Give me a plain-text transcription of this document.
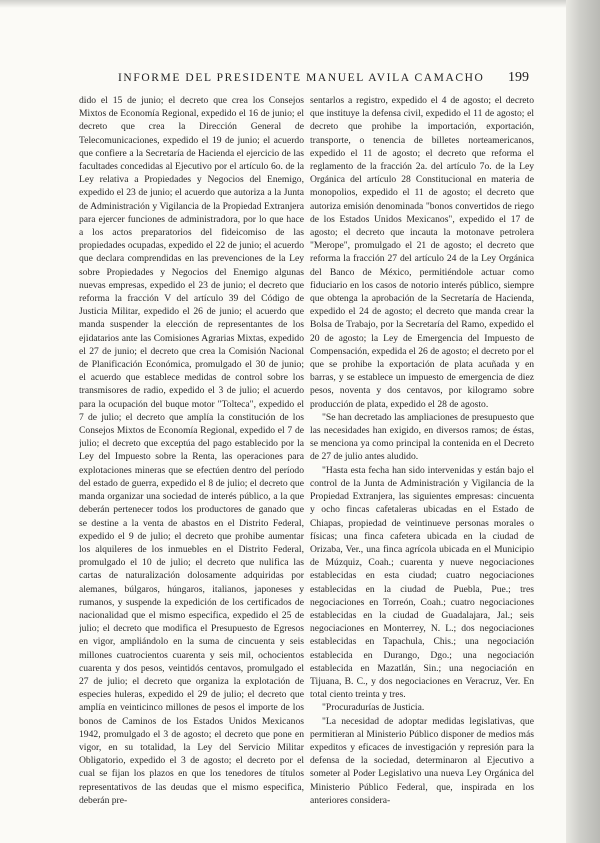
INFORME DEL PRESIDENTE MANUEL AVILA CAMACHO	199

dido el 15 de junio; el decreto que crea los Consejos Mixtos de Economía Regional, expedido el 16 de junio; el decreto que crea la Dirección General de Telecomunicaciones, expedido el 19 de junio; el acuerdo que confiere a la Secretaría de Hacienda el ejercicio de las facultades concedidas al Ejecutivo por el artículo 6o. de la Ley relativa a Propiedades y Negocios del Enemigo, expedido el 23 de junio; el acuerdo que autoriza a la Junta de Administración y Vigilancia de la Propiedad Extranjera para ejercer funciones de administradora, por lo que hace a los actos preparatorios del fideicomiso de las propiedades ocupadas, expedido el 22 de junio; el acuerdo que declara comprendidas en las prevenciones de la Ley sobre Propiedades y Negocios del Enemigo algunas nuevas empresas, expedido el 23 de junio; el decreto que reforma la fracción V del artículo 39 del Código de Justicia Militar, expedido el 26 de junio; el acuerdo que manda suspender la elección de representantes de los ejidatarios ante las Comisiones Agrarias Mixtas, expedido el 27 de junio; el decreto que crea la Comisión Nacional de Planificación Económica, promulgado el 30 de junio; el acuerdo que establece medidas de control sobre los transmisores de radio, expedido el 3 de julio; el acuerdo para la ocupación del buque motor "Tolteca", expedido el 7 de julio; el decreto que amplía la constitución de los Consejos Mixtos de Economía Regional, expedido el 7 de julio; el decreto que exceptúa del pago establecido por la Ley del Impuesto sobre la Renta, las operaciones para explotaciones mineras que se efectúen dentro del período del estado de guerra, expedido el 8 de julio; el decreto que manda organizar una sociedad de interés público, a la que deberán pertenecer todos los productores de ganado que se destine a la venta de abastos en el Distrito Federal, expedido el 9 de julio; el decreto que prohibe aumentar los alquileres de los inmuebles en el Distrito Federal, promulgado el 10 de julio; el decreto que nulifica las cartas de naturalización dolosamente adquiridas por alemanes, búlgaros, húngaros, italianos, japoneses y rumanos, y suspende la expedición de los certificados de nacionalidad que el mismo especifica, expedido el 25 de julio; el decreto que modifica el Presupuesto de Egresos en vigor, ampliándolo en la suma de cincuenta y seis millones cuatrocientos cuarenta y seis mil, ochocientos cuarenta y dos pesos, veintidós centavos, promulgado el 27 de julio; el decreto que organiza la explotación de especies huleras, expedido el 29 de julio; el decreto que amplía en veinticinco millones de pesos el importe de los bonos de Caminos de los Estados Unidos Mexicanos 1942, promulgado el 3 de agosto; el decreto que pone en vigor, en su totalidad, la Ley del Servicio Militar Obligatorio, expedido el 3 de agosto; el decreto por el cual se fijan los plazos en que los tenedores de títulos representativos de las deudas que el mismo especifica, deberán pre-

sentarlos a registro, expedido el 4 de agosto; el decreto que instituye la defensa civil, expedido el 11 de agosto; el decreto que prohibe la importación, exportación, transporte, o tenencia de billetes norteamericanos, expedido el 11 de agosto; el decreto que reforma el reglamento de la fracción 2a. del artículo 7o. de la Ley Orgánica del artículo 28 Constitucional en materia de monopolios, expedido el 11 de agosto; el decreto que autoriza emisión denominada "bonos convertidos de riego de los Estados Unidos Mexicanos", expedido el 17 de agosto; el decreto que incauta la motonave petrolera "Merope", promulgado el 21 de agosto; el decreto que reforma la fracción 27 del artículo 24 de la Ley Orgánica del Banco de México, permitiéndole actuar como fiduciario en los casos de notorio interés público, siempre que obtenga la aprobación de la Secretaría de Hacienda, expedido el 24 de agosto; el decreto que manda crear la Bolsa de Trabajo, por la Secretaría del Ramo, expedido el 20 de agosto; la Ley de Emergencia del Impuesto de Compensación, expedida el 26 de agosto; el decreto por el que se prohibe la exportación de plata acuñada y en barras, y se establece un impuesto de emergencia de diez pesos, noventa y dos centavos, por kilogramo sobre producción de plata, expedido el 28 de agosto.

"Se han decretado las ampliaciones de presupuesto que las necesidades han exigido, en diversos ramos; de éstas, se menciona ya como principal la contenida en el Decreto de 27 de julio antes aludido.

"Hasta esta fecha han sido intervenidas y están bajo el control de la Junta de Administración y Vigilancia de la Propiedad Extranjera, las siguientes empresas: cincuenta y ocho fincas cafetaleras ubicadas en el Estado de Chiapas, propiedad de veintinueve personas morales o físicas; una finca cafetera ubicada en la ciudad de Orizaba, Ver., una finca agrícola ubicada en el Municipio de Múzquiz, Coah.; cuarenta y nueve negociaciones establecidas en esta ciudad; cuatro negociaciones establecidas en la ciudad de Puebla, Pue.; tres negociaciones en Torreón, Coah.; cuatro negociaciones establecidas en la ciudad de Guadalajara, Jal.; seis negociaciones en Monterrey, N. L.; dos negociaciones establecidas en Tapachula, Chis.; una negociación establecida en Durango, Dgo.; una negociación establecida en Mazatlán, Sin.; una negociación en Tijuana, B. C., y dos negociaciones en Veracruz, Ver. En total ciento treinta y tres.

"Procuradurías de Justicia.

"La necesidad de adoptar medidas legislativas, que permitieran al Ministerio Público disponer de medios más expeditos y eficaces de investigación y represión para la defensa de la sociedad, determinaron al Ejecutivo a someter al Poder Legislativo una nueva Ley Orgánica del Ministerio Público Federal, que, inspirada en los anteriores considera-
